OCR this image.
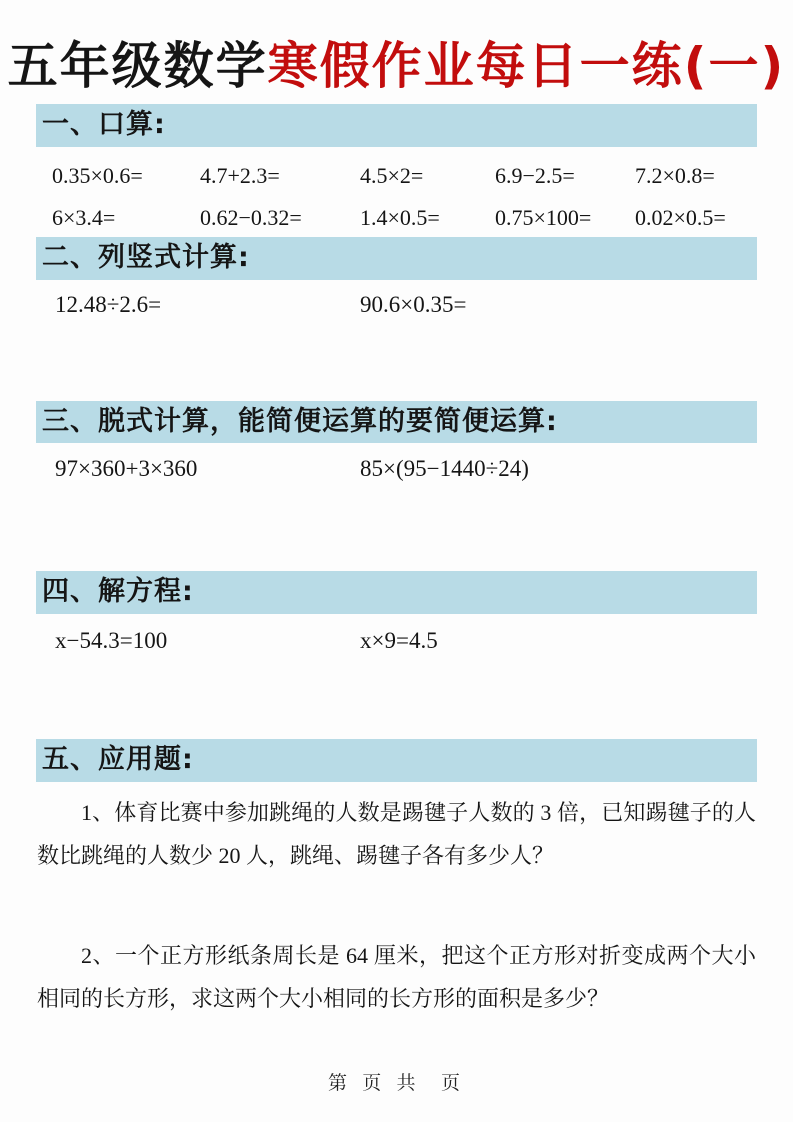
五年级数学寒假作业每日一练(一)
一、口算:
0.35×0.6=	4.7+2.3=	4.5×2=	6.9−2.5=	7.2×0.8=
6×3.4=	0.62−0.32=	1.4×0.5=	0.75×100=	0.02×0.5=
二、列竖式计算:
12.48÷2.6=	90.6×0.35=
三、脱式计算，能简便运算的要简便运算:
97×360+3×360	85×(95−1440÷24)
四、解方程:
x−54.3=100	x×9=4.5
五、应用题:

1、体育比赛中参加跳绳的人数是踢毽子人数的 3 倍，已知踢毽子的人数比跳绳的人数少 20 人，跳绳、踢毽子各有多少人？

2、一个正方形纸条周长是 64 厘米，把这个正方形对折变成两个大小相同的长方形，求这两个大小相同的长方形的面积是多少？

第 页 共  页
